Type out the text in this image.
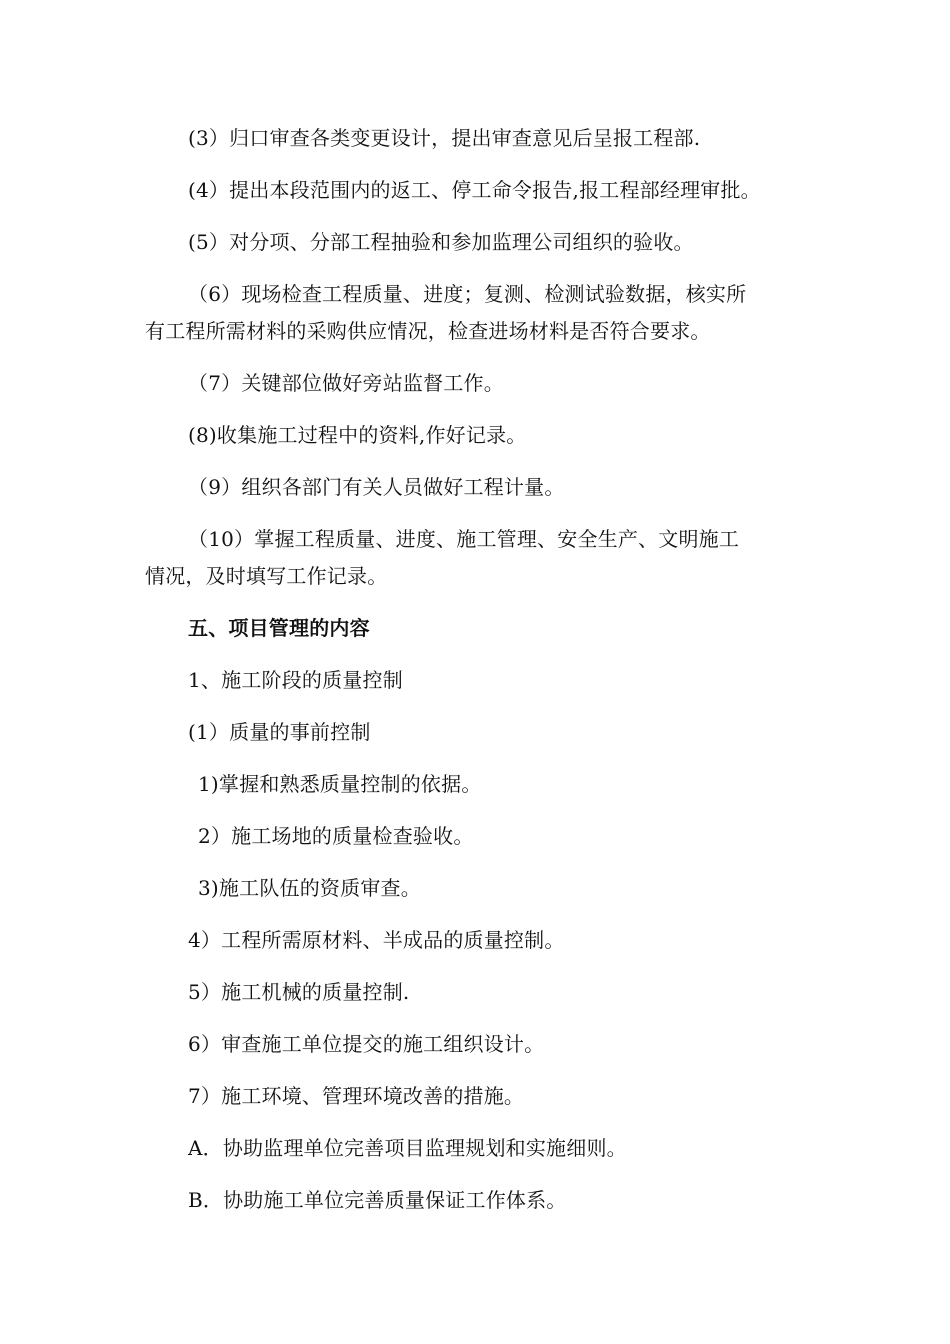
(3）归口审查各类变更设计，提出审查意见后呈报工程部.
(4）提出本段范围内的返工、停工命令报告,报工程部经理审批。
(5）对分项、分部工程抽验和参加监理公司组织的验收。
（6）现场检查工程质量、进度；复测、检测试验数据，核实所
有工程所需材料的采购供应情况，检查进场材料是否符合要求。
（7）关键部位做好旁站监督工作。
(8)收集施工过程中的资料,作好记录。
（9）组织各部门有关人员做好工程计量。
（10）掌握工程质量、进度、施工管理、安全生产、文明施工
情况，及时填写工作记录。
五、项目管理的内容
1、施工阶段的质量控制
(1）质量的事前控制
1)掌握和熟悉质量控制的依据。
2）施工场地的质量检查验收。
3)施工队伍的资质审查。
4）工程所需原材料、半成品的质量控制。
5）施工机械的质量控制.
6）审查施工单位提交的施工组织设计。
7）施工环境、管理环境改善的措施。
A．协助监理单位完善项目监理规划和实施细则。
B．协助施工单位完善质量保证工作体系。
